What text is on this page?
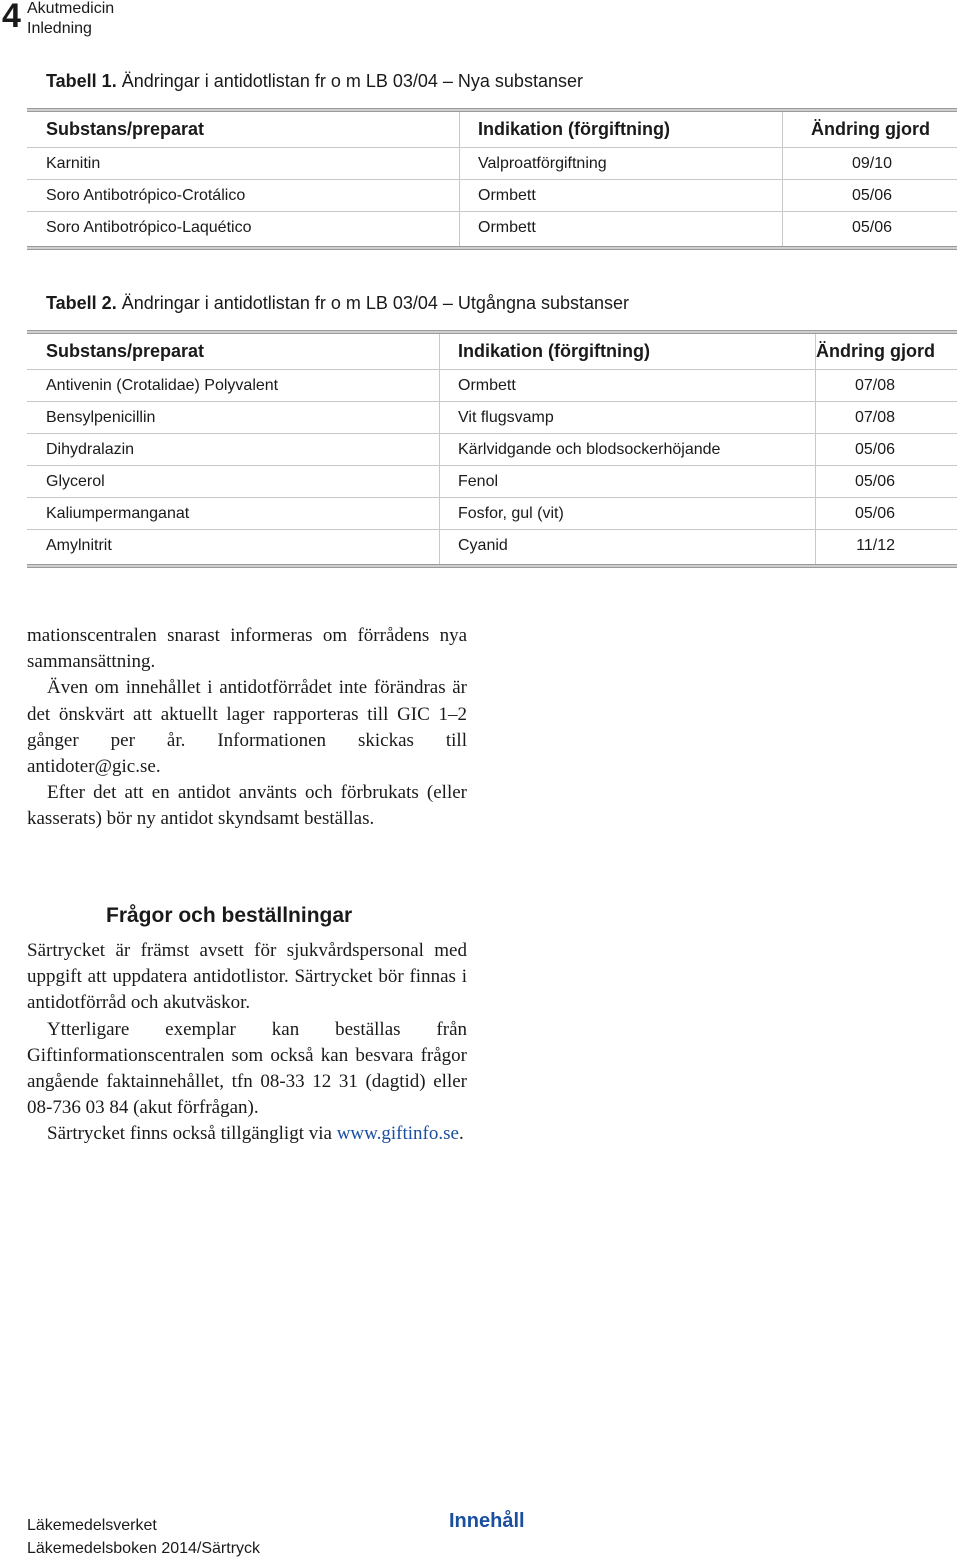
4 Akutmedicin
Inledning
Tabell 1. Ändringar i antidotlistan fr o m LB 03/04 – Nya substanser
Substans/preparat	Indikation (förgiftning)	Ändring gjord
Karnitin	Valproatförgiftning	09/10
Soro Antibotrópico-Crotálico	Ormbett	05/06
Soro Antibotrópico-Laquético	Ormbett	05/06
Tabell 2. Ändringar i antidotlistan fr o m LB 03/04 – Utgångna substanser
Substans/preparat	Indikation (förgiftning)	Ändring gjord
Antivenin (Crotalidae) Polyvalent	Ormbett	07/08
Bensylpenicillin	Vit flugsvamp	07/08
Dihydralazin	Kärlvidgande och blodsockerhöjande	05/06
Glycerol	Fenol	05/06
Kaliumpermanganat	Fosfor, gul (vit)	05/06
Amylnitrit	Cyanid	11/12

mationscentralen snarast informeras om förrådens nya sammansättning.

Även om innehållet i antidotförrådet inte förändras är det önskvärt att aktuellt lager rapporteras till GIC 1–2 gånger per år. Informationen skickas till antidoter@gic.se.

Efter det att en antidot använts och förbrukats (eller kasserats) bör ny antidot skyndsamt beställas.

Frågor och beställningar

Särtrycket är främst avsett för sjukvårdspersonal med uppgift att uppdatera antidotlistor. Särtrycket bör finnas i antidotförråd och akutväskor.

Ytterligare exemplar kan beställas från Giftinformationscentralen som också kan besvara frågor angående faktainnehållet, tfn 08-33 12 31 (dagtid) eller 08-736 03 84 (akut förfrågan).

Särtrycket finns också tillgängligt via www.giftinfo.se.

Läkemedelsverket
Läkemedelsboken 2014/Särtryck
Innehåll
